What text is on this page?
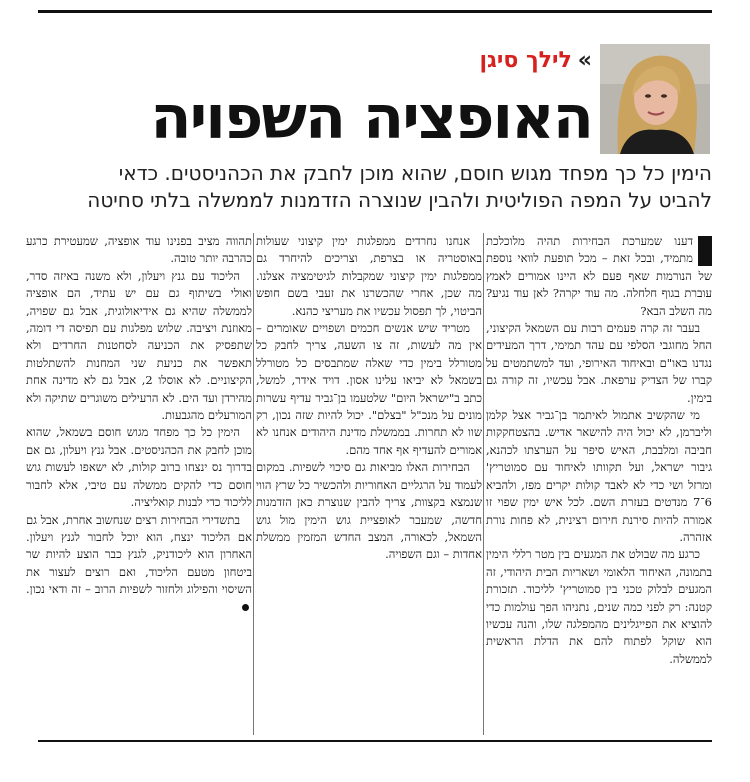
»
לילך סיגן
האופציה השפויה
הימין כל כך מפחד מגוש חוסם, שהוא מוכן לחבק את הכהניסטים. כדאי
להביט על המפה הפוליטית ולהבין שנוצרה הזדמנות לממשלה בלתי סחיטה

דענו שמערכת הבחירות תהיה מלוכלכת מתמיד, ובכל זאת – מכל תופעת לוואי נוספת של הנורמות שאף פעם לא היינו אמורים לאמץ עוברת בגוף חלחלה. מה עוד יקרה? לאן עוד נגיע? מה השלב הבא?

בעבר זה קרה פעמים רבות עם השמאל הקיצוני, החל מחוגבי הסלפי עם עהד תמימי, דרך המעידים נגדנו באו"ם ובאיחוד האירופי, ועד למשתמטים על קברו של הצדיק ערפאת. אבל עכשיו, זה קורה גם בימין.

מי שהקשיב אתמול לאיתמר בן־גביר אצל קלמן וליברמן, לא יכול היה להישאר אדיש. בהצטחקקות חביבה ומלבבת, האיש סיפר על הערצתו לכהנא, גיבור ישראל, ועל תקוותו לאיחוד עם סמוטריץ' ומרזל ושי כדי לא לאבד קולות יקרים מפז, ולהביא 6־7 מנדטים בעזרת השם. לכל איש ימין שפוי זו אמורה להיות סירנת חירום רצינית, לא פחות נורת אזהרה.

כרגע מה שבולט את המגעים בין מטר רללי הימין בתמונה, האיחוד הלאומי ושאריות הבית היהודי, זה המגעים לבלוק טכני בין סמוטריץ' לליכוד. תזכורת קטנה: רק לפני כמה שנים, נתניהו הפך עולמות כדי להוציא את הפייגלינים מהמפלגה שלו, והנה עכשיו הוא שוקל לפתוח להם את הדלת הראשית לממשלה.

אנחנו נחרדים ממפלגות ימין קיצוני שעולות באוסטריה או בצרפת, וצריכים להיחרד גם ממפלגות ימין קיצוני שמקבלות לגיטימציה אצלנו. מה שכן, אחרי שהכשרנו את זעבי בשם חופש הביטוי, לך תפסול עכשיו את מעריצי כהנא.

מטריד שיש אנשים חכמים ושפויים שאומרים – אין מה לעשות, זה צו השעה, צריך לחבק כל מטורלל בימין כדי שאלה שמתבסים כל מטורלל בשמאל לא יביאו עלינו אסון. דויד אידר, למשל, כתב ב"ישראל היום" שלטעמו בן־גביר עדיף עשרות מונים על מנכ"ל "בצלם". יכול להיות שזה נכון, רק שוו לא תחרות. בממשלת מדינת היהודים אנחנו לא אמורים להעדיף אף אחד מהם.

הבחירות האלו מביאות גם סיכוי לשפיות. במקום לעמוד על הרגליים האחוריות ולהכשיר כל שרץ הווי שנמצא בקצוות, צריך להבין שנוצרת כאן הזדמנות חדשה, שמעבר לאופציית גוש הימין מול גוש השמאל, לכאורה, המצב החדש המזמין ממשלת אחדות – וגם השפויה.

תהווה מציב בפנינו עוד אופציה, שמעטירת כרגע כהרבה יותר טובה.

הליכוד עם גנץ ויעלון, ולא משנה באיזה סדר, ואולי בשיתוף גם עם יש עתיד, הם אופציה לממשלה שהיא גם אידיאולוגית, אבל גם שפויה, מאוזנת ויציבה. שלוש מפלגות עם תפיסה די דומה, שתפסיק את הכניעה לסחטנות החרדים ולא תאפשר את כניעת שני המחנות להשתלטות הקיצוניים. לא אוסלו 2, אבל גם לא מדינה אחת מהירדן ועד הים. לא הרעילים משוגרים שתיקה ולא המורעלים מהגבעות.

הימין כל כך מפחד מגוש חוסם בשמאל, שהוא מוכן לחבק את הכהניסטים. אבל גנץ ויעלון, גם אם בדרוך נס ינצחו ברוב קולות, לא ישאפו לעשות גוש חוסם כדי להקים ממשלה עם טיבי, אלא לחבור לליכוד כדי לבנות קואליציה.

בתשדירי הבחירות רצים שנחשוב אחרת, אבל גם אם הליכוד ינצח, הוא יוכל לחבור לגנץ ויעלון. האחרון הוא ליכודניק, לגנץ כבר הוצע להיות שר ביטחון מטעם הליכוד, ואם רוצים לעצור את השיסוי והפילוג ולחזור לשפיות הרוב – זה ודאי נכון.
